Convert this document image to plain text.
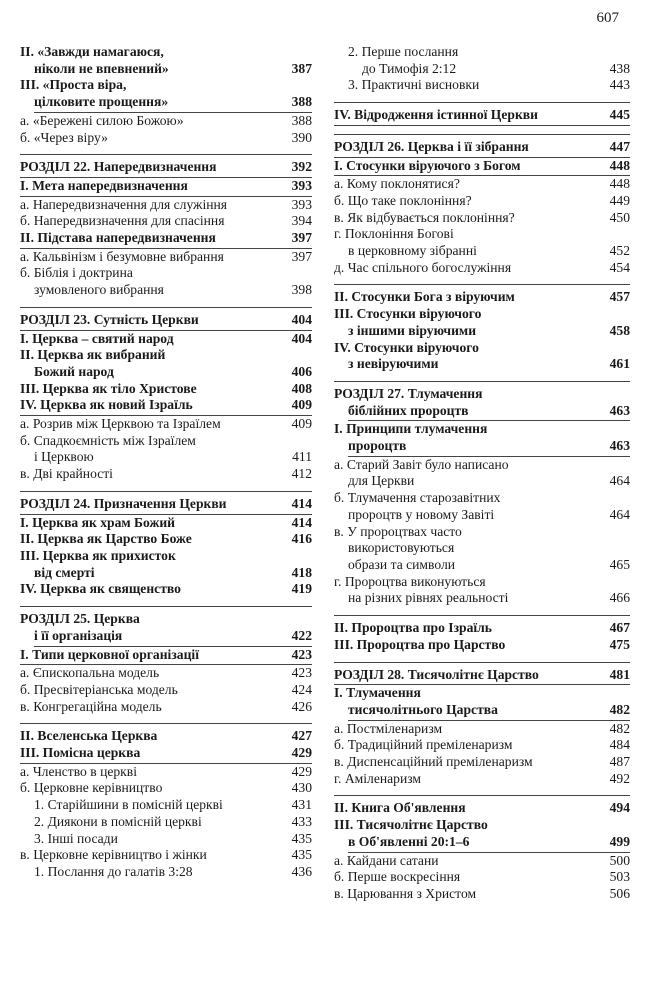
607
II. «Завжди намагаюся,
ніколи не впевнений»	387
III. «Проста віра,
цілковите прощення»	388
а. «Бережені силою Божою»	388
б. «Через віру»	390
РОЗДІЛ 22. Напередвизначення	392
I. Мета напередвизначення	393
а. Напередвизначення для служіння	393
б. Напередвизначення для спасіння	394
II. Підстава напередвизначення	397
а. Кальвінізм і безумовне вибрання	397
б. Біблія і доктрина
зумовленого вибрання	398
РОЗДІЛ 23. Сутність Церкви	404
I. Церква – святий народ	404
II. Церква як вибраний
Божий народ	406
III. Церква як тіло Христове	408
IV. Церква як новий Ізраїль	409
а. Розрив між Церквою та Ізраїлем	409
б. Спадкоємність між Ізраїлем
і Церквою	411
в. Дві крайності	412
РОЗДІЛ 24. Призначення Церкви	414
I. Церква як храм Божий	414
II. Церква як Царство Боже	416
III. Церква як прихисток
від смерті	418
IV. Церква як священство	419
РОЗДІЛ 25. Церква
і її організація	422
I. Типи церковної організації	423
а. Єпископальна модель	423
б. Пресвітеріанська модель	424
в. Конгрегаційна модель	426
II. Вселенська Церква	427
III. Помісна церква	429
а. Членство в церкві	429
б. Церковне керівництво	430
1. Старійшини в помісній церкві	431
2. Диякони в помісній церкві	433
3. Інші посади	435
в. Церковне керівництво і жінки	435
1. Послання до галатів 3:28	436
2. Перше послання
до Тимофія 2:12	438
3. Практичні висновки	443
IV. Відродження істинної Церкви	445
РОЗДІЛ 26. Церква і її зібрання	447
I. Стосунки віруючого з Богом	448
а. Кому поклонятися?	448
б. Що таке поклоніння?	449
в. Як відбувається поклоніння?	450
г. Поклоніння Богові
в церковному зібранні	452
д. Час спільного богослужіння	454
II. Стосунки Бога з віруючим	457
III. Стосунки віруючого
з іншими віруючими	458
IV. Стосунки віруючого
з невіруючими	461
РОЗДІЛ 27. Тлумачення
біблійних пророцтв	463
I. Принципи тлумачення
пророцтв	463
а. Старий Завіт було написано
для Церкви	464
б. Тлумачення старозавітних
пророцтв у новому Завіті	464
в. У пророцтвах часто
використовуються
образи та символи	465
г. Пророцтва виконуються
на різних рівнях реальності	466
II. Пророцтва про Ізраїль	467
III. Пророцтва про Царство	475
РОЗДІЛ 28. Тисячолітнє Царство	481
I. Тлумачення
тисячолітнього Царства	482
а. Постміленаризм	482
б. Традиційний преміленаризм	484
в. Диспенсаційний преміленаризм	487
г. Аміленаризм	492
II. Книга Об'явлення	494
III. Тисячолітнє Царство
в Об'явленні 20:1–6	499
а. Кайдани сатани	500
б. Перше воскресіння	503
в. Царювання з Христом	506
